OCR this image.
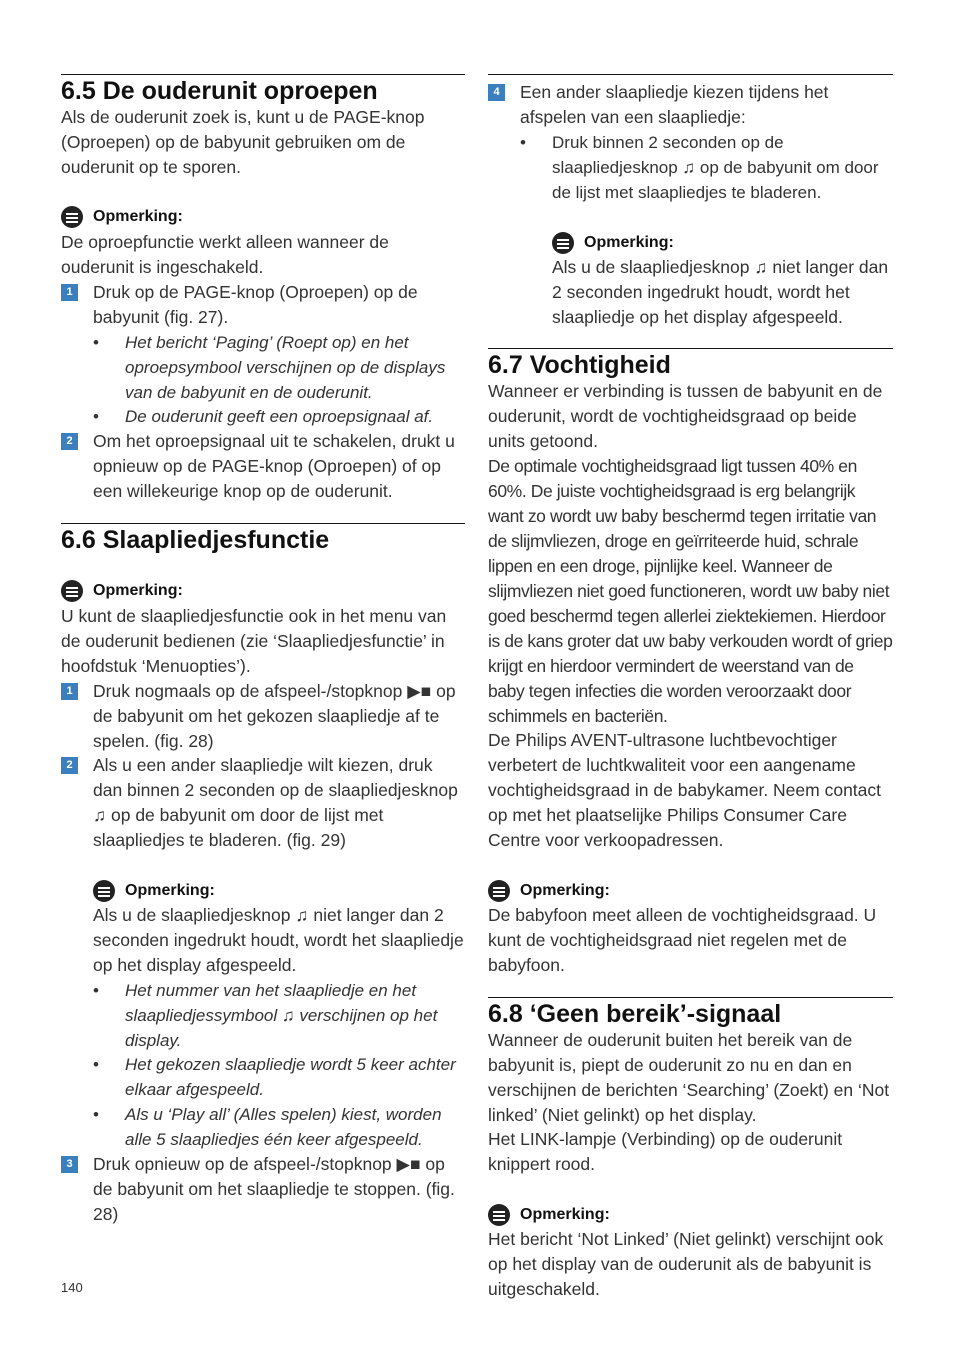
6.5 De ouderunit oproepen
Als de ouderunit zoek is, kunt u de PAGE-knop (Oproepen) op de babyunit gebruiken om de ouderunit op te sporen.
Opmerking:
De oproepfunctie werkt alleen wanneer de ouderunit is ingeschakeld.
1	Druk op de PAGE-knop (Oproepen) op de babyunit (fig. 27).
• Het bericht ‘Paging’ (Roept op) en het oproepsymbool verschijnen op de displays van de babyunit en de ouderunit.
• De ouderunit geeft een oproepsignaal af.
2	Om het oproepsignaal uit te schakelen, drukt u opnieuw op de PAGE-knop (Oproepen) of op een willekeurige knop op de ouderunit.
6.6 Slaapliedjesfunctie
Opmerking:
U kunt de slaapliedjesfunctie ook in het menu van de ouderunit bedienen (zie ‘Slaapliedjesfunctie’ in hoofdstuk ‘Menuopties’).
1	Druk nogmaals op de afspeel-/stopknop ▶■ op de babyunit om het gekozen slaapliedje af te spelen. (fig. 28)
2	Als u een ander slaapliedje wilt kiezen, druk dan binnen 2 seconden op de slaapliedjesknop ♫ op de babyunit om door de lijst met slaapliedjes te bladeren. (fig. 29)
Opmerking:
Als u de slaapliedjesknop ♫ niet langer dan 2 seconden ingedrukt houdt, wordt het slaapliedje op het display afgespeeld.
• Het nummer van het slaapliedje en het slaapliedjessymbool ♫ verschijnen op het display.
• Het gekozen slaapliedje wordt 5 keer achter elkaar afgespeeld.
• Als u ‘Play all’ (Alles spelen) kiest, worden alle 5 slaapliedjes één keer afgespeeld.
3	Druk opnieuw op de afspeel-/stopknop ▶■ op de babyunit om het slaapliedje te stoppen. (fig. 28)
140
4	Een ander slaapliedje kiezen tijdens het afspelen van een slaapliedje:
• Druk binnen 2 seconden op de slaapliedjesknop ♫ op de babyunit om door de lijst met slaapliedjes te bladeren.
Opmerking:
Als u de slaapliedjesknop ♫ niet langer dan 2 seconden ingedrukt houdt, wordt het slaapliedje op het display afgespeeld.
6.7 Vochtigheid
Wanneer er verbinding is tussen de babyunit en de ouderunit, wordt de vochtigheidsgraad op beide units getoond.
De optimale vochtigheidsgraad ligt tussen 40% en 60%. De juiste vochtigheidsgraad is erg belangrijk want zo wordt uw baby beschermd tegen irritatie van de slijmvliezen, droge en geïrriteerde huid, schrale lippen en een droge, pijnlijke keel. Wanneer de slijmvliezen niet goed functioneren, wordt uw baby niet goed beschermd tegen allerlei ziektekiemen. Hierdoor is de kans groter dat uw baby verkouden wordt of griep krijgt en hierdoor vermindert de weerstand van de baby tegen infecties die worden veroorzaakt door schimmels en bacteriën.
De Philips AVENT-ultrasone luchtbevochtiger verbetert de luchtkwaliteit voor een aangename vochtigheidsgraad in de babykamer. Neem contact op met het plaatselijke Philips Consumer Care Centre voor verkoopadressen.
Opmerking:
De babyfoon meet alleen de vochtigheidsgraad. U kunt de vochtigheidsgraad niet regelen met de babyfoon.
6.8 ‘Geen bereik’-signaal
Wanneer de ouderunit buiten het bereik van de babyunit is, piept de ouderunit zo nu en dan en verschijnen de berichten ‘Searching’ (Zoekt) en ‘Not linked’ (Niet gelinkt) op het display.
Het LINK-lampje (Verbinding) op de ouderunit knippert rood.
Opmerking:
Het bericht ‘Not Linked’ (Niet gelinkt) verschijnt ook op het display van de ouderunit als de babyunit is uitgeschakeld.
